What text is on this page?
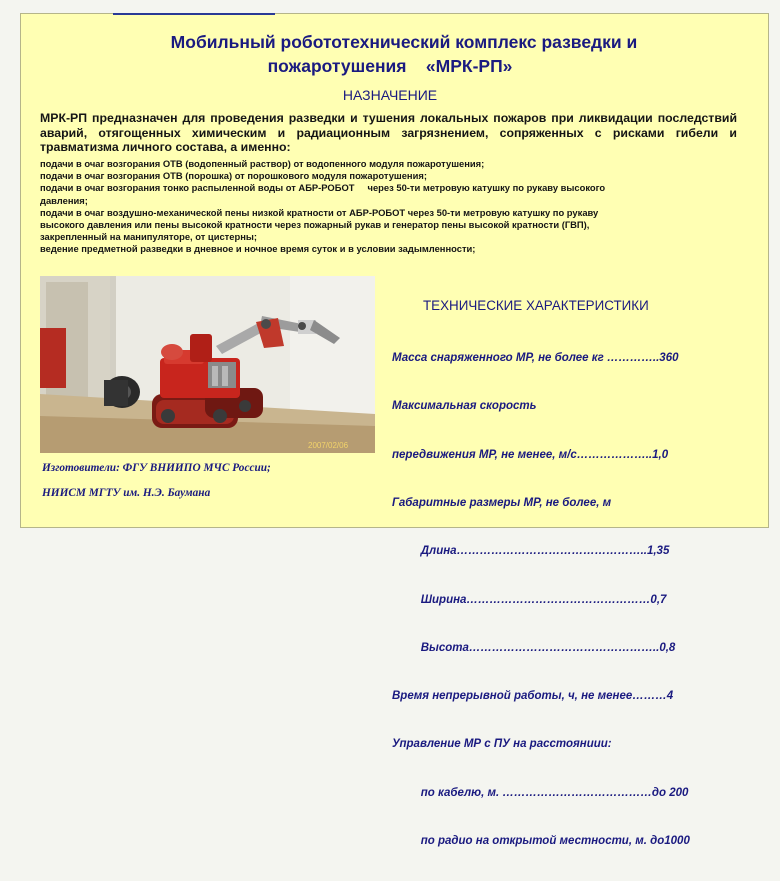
Мобильный робототехнический комплекс разведки и
пожаротушения    «МРК-РП»
НАЗНАЧЕНИЕ
МРК-РП предназначен для проведения разведки и тушения локальных пожаров при ликвидации последствий аварий, отягощенных химическим и радиационным загрязнением, сопряженных с рисками гибели и травматизма личного состава, а именно:
подачи в очаг возгорания ОТВ (водопенный раствор) от водопенного модуля пожаротушения;
подачи в очаг возгорания ОТВ (порошка) от порошкового модуля пожаротушения;
подачи в очаг возгорания тонко распыленной воды от АБР-РОБОТ     через 50-ти метровую катушку по рукаву высокого
давления;
подачи в очаг воздушно-механической пены низкой кратности от АБР-РОБОТ через 50-ти метровую катушку по рукаву
высокого давления или пены высокой кратности через пожарный рукав и генератор пены высокой кратности (ГВП),
закрепленный на манипуляторе, от цистерны;
ведение предметной разведки в дневное и ночное время суток и в условии задымленности;
2007/02/06
Изготовители: ФГУ ВНИИПО МЧС России;
НИИСМ МГТУ им. Н.Э. Баумана
ТЕХНИЧЕСКИЕ ХАРАКТЕРИСТИКИ

Масса снаряженного МР, не более кг …………..360

Максимальная скорость

передвижения МР, не менее, м/с………………..1,0

Габаритные размеры МР, не более, м

Длина…………………………………………..1,35

Ширина…………………………………………0,7

Высота…………………………………………..0,8

Время непрерывной работы, ч, не менее………4

Управление МР с ПУ на расстояниии:

по кабелю, м. …………………………………до 200

по радио на открытой местности, м. до1000
